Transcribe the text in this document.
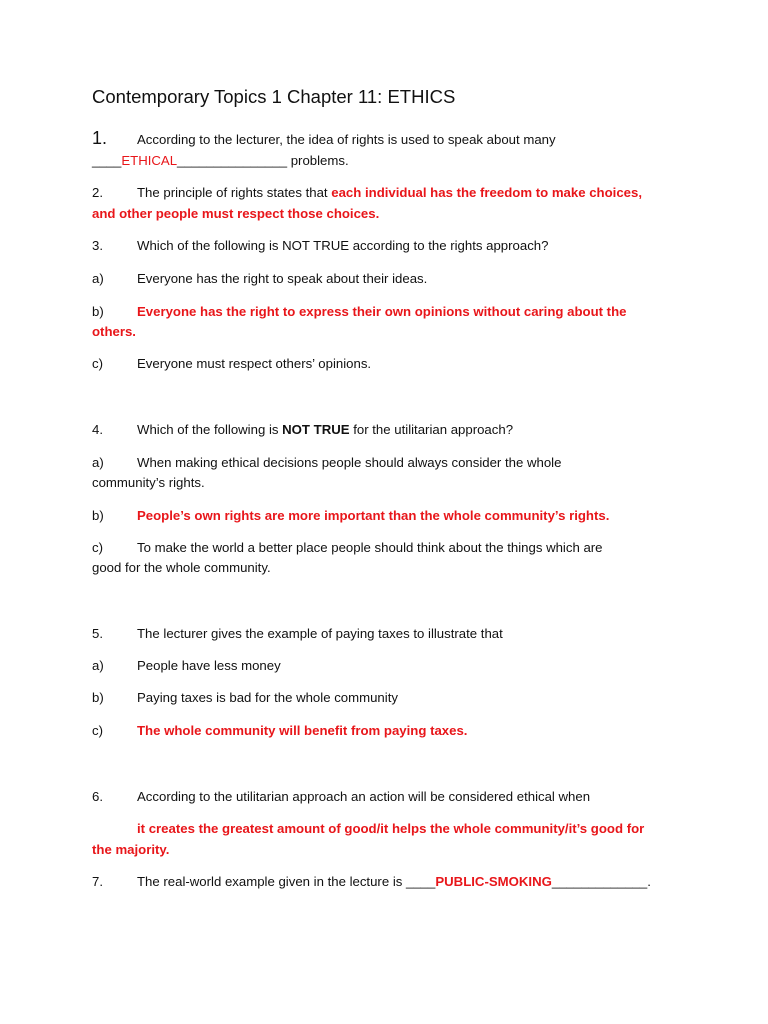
Contemporary Topics 1 Chapter 11: ETHICS
1. According to the lecturer, the idea of rights is used to speak about many
____ETHICAL_______________ problems.
2.	The principle of rights states that each individual has the freedom to make choices,
and other people must respect those choices.
3.	Which of the following is NOT TRUE according to the rights approach?
a)	Everyone has the right to speak about their ideas.
b)	Everyone has the right to express their own opinions without caring about the
others.
c)	Everyone must respect others’ opinions.
4.	Which of the following is NOT TRUE for the utilitarian approach?
a)	When making ethical decisions people should always consider the whole
community’s rights.
b)	People’s own rights are more important than the whole community’s rights.
c)	To make the world a better place people should think about the things which are
good for the whole community.
5.	The lecturer gives the example of paying taxes to illustrate that
a)	People have less money
b)	Paying taxes is bad for the whole community
c)	The whole community will benefit from paying taxes.
6.	According to the utilitarian approach an action will be considered ethical when
it creates the greatest amount of good/it helps the whole community/it’s good for
the majority.
7.	The real-world example given in the lecture is ____PUBLIC-SMOKING_____________.
